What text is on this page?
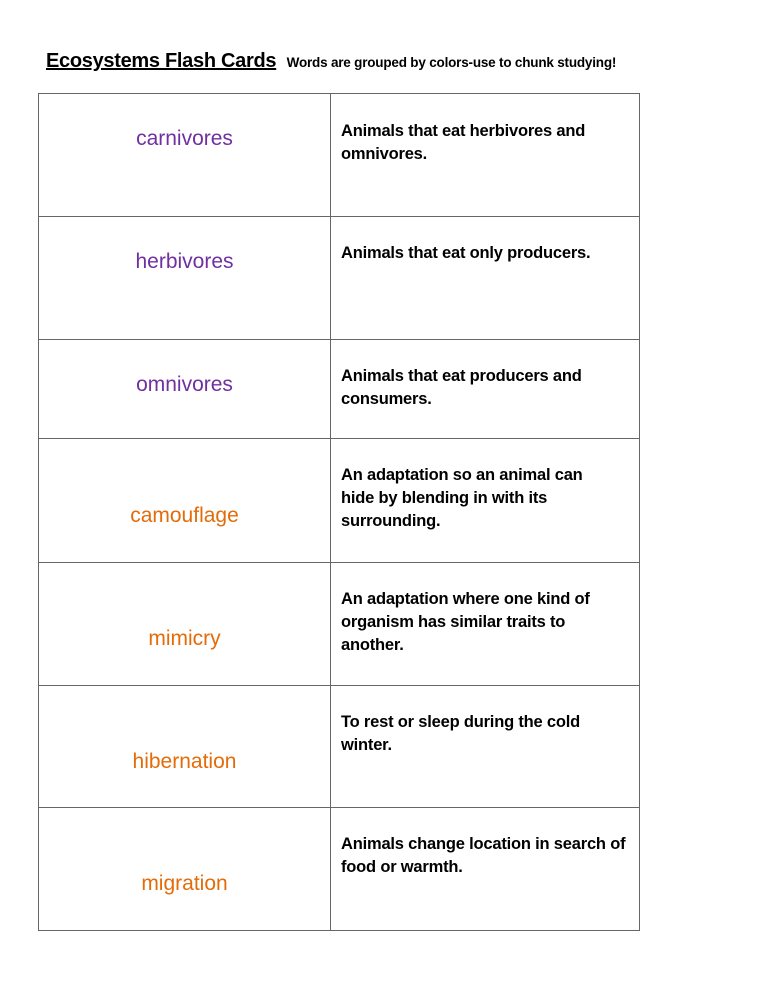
Ecosystems Flash Cards Words are grouped by colors-use to chunk studying!
carnivores	Animals that eat herbivores and omnivores.

herbivores	Animals that eat only producers.

omnivores	Animals that eat producers and consumers.

camouflage	An adaptation so an animal can hide by blending in with its surrounding.

mimicry	An adaptation where one kind of organism has similar traits to another.

hibernation	To rest or sleep during the cold winter.

migration	Animals change location in search of food or warmth.
